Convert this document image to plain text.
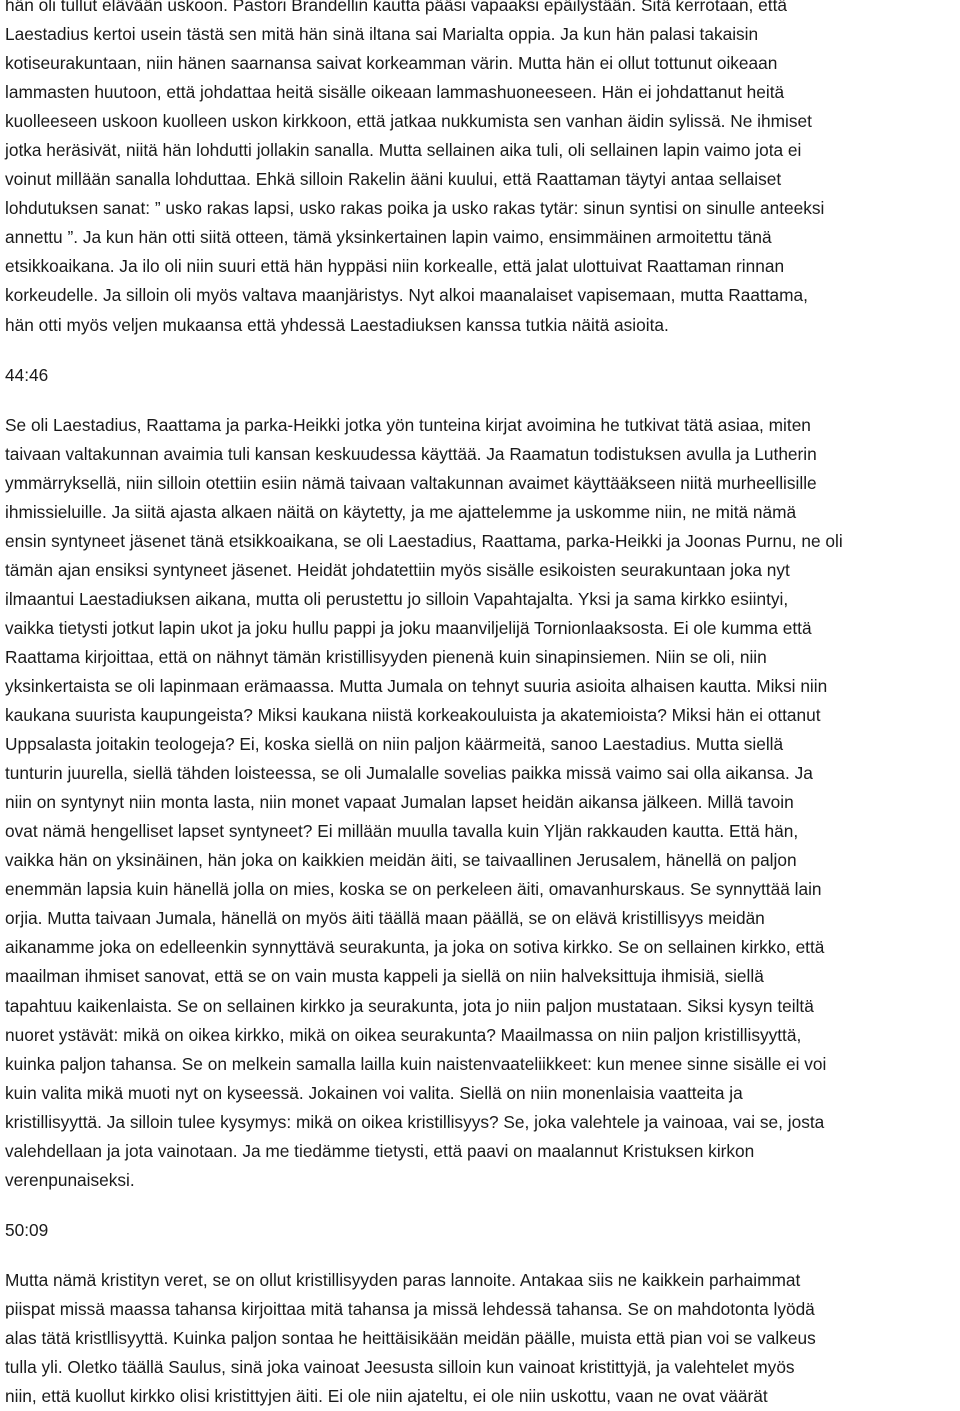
hän oli tullut elävään uskoon. Pastori Brandellin kautta pääsi vapaaksi epäilystään. Sitä kerrotaan, että
Laestadius kertoi usein tästä sen mitä hän sinä iltana sai Marialta oppia. Ja kun hän palasi takaisin
kotiseurakuntaan, niin hänen saarnansa saivat korkeamman värin. Mutta hän ei ollut tottunut oikeaan
lammasten huutoon, että johdattaa heitä sisälle oikeaan lammashuoneeseen. Hän ei johdattanut heitä
kuolleeseen uskoon kuolleen uskon kirkkoon, että jatkaa nukkumista sen vanhan äidin sylissä. Ne ihmiset
jotka heräsivät, niitä hän lohdutti jollakin sanalla. Mutta sellainen aika tuli, oli sellainen lapin vaimo jota ei
voinut millään sanalla lohduttaa. Ehkä silloin Rakelin ääni kuului, että Raattaman täytyi antaa sellaiset
lohdutuksen sanat: ” usko rakas lapsi, usko rakas poika ja usko rakas tytär: sinun syntisi on sinulle anteeksi
annettu ”. Ja kun hän otti siitä otteen, tämä yksinkertainen lapin vaimo, ensimmäinen armoitettu tänä
etsikkoaikana. Ja ilo oli niin suuri että hän hyppäsi niin korkealle, että jalat ulottuivat Raattaman rinnan
korkeudelle. Ja silloin oli myös valtava maanjäristys. Nyt alkoi maanalaiset vapisemaan, mutta Raattama,
hän otti myös veljen mukaansa että yhdessä Laestadiuksen kanssa tutkia näitä asioita.
44:46
Se oli Laestadius, Raattama ja parka-Heikki jotka yön tunteina kirjat avoimina he tutkivat tätä asiaa, miten
taivaan valtakunnan avaimia tuli kansan keskuudessa käyttää. Ja Raamatun todistuksen avulla ja Lutherin
ymmärryksellä, niin silloin otettiin esiin nämä taivaan valtakunnan avaimet käyttääkseen niitä murheellisille
ihmissieluille. Ja siitä ajasta alkaen näitä on käytetty, ja me ajattelemme ja uskomme niin, ne mitä nämä
ensin syntyneet jäsenet tänä etsikkoaikana, se oli Laestadius, Raattama, parka-Heikki ja Joonas Purnu, ne oli
tämän ajan ensiksi syntyneet jäsenet. Heidät johdatettiin myös sisälle esikoisten seurakuntaan joka nyt
ilmaantui Laestadiuksen aikana, mutta oli perustettu jo silloin Vapahtajalta. Yksi ja sama kirkko esiintyi,
vaikka tietysti jotkut lapin ukot ja joku hullu pappi ja joku maanviljelijä Tornionlaaksosta. Ei ole kumma että
Raattama kirjoittaa, että on nähnyt tämän kristillisyyden pienenä kuin sinapinsiemen. Niin se oli, niin
yksinkertaista se oli lapinmaan erämaassa. Mutta Jumala on tehnyt suuria asioita alhaisen kautta. Miksi niin
kaukana suurista kaupungeista? Miksi kaukana niistä korkeakouluista ja akatemioista? Miksi hän ei ottanut
Uppsalasta joitakin teologeja? Ei, koska siellä on niin paljon käärmeitä, sanoo Laestadius. Mutta siellä
tunturin juurella, siellä tähden loisteessa, se oli Jumalalle sovelias paikka missä vaimo sai olla aikansa. Ja
niin on syntynyt niin monta lasta, niin monet vapaat Jumalan lapset heidän aikansa jälkeen. Millä tavoin
ovat nämä hengelliset lapset syntyneet? Ei millään muulla tavalla kuin Yljän rakkauden kautta. Että hän,
vaikka hän on yksinäinen, hän joka on kaikkien meidän äiti, se taivaallinen Jerusalem, hänellä on paljon
enemmän lapsia kuin hänellä jolla on mies, koska se on perkeleen äiti, omavanhurskaus. Se synnyttää lain
orjia. Mutta taivaan Jumala, hänellä on myös äiti täällä maan päällä, se on elävä kristillisyys meidän
aikanamme joka on edelleenkin synnyttävä seurakunta, ja joka on sotiva kirkko. Se on sellainen kirkko, että
maailman ihmiset sanovat, että se on vain musta kappeli ja siellä on niin halveksittuja ihmisiä, siellä
tapahtuu kaikenlaista. Se on sellainen kirkko ja seurakunta, jota jo niin paljon mustataan. Siksi kysyn teiltä
nuoret ystävät: mikä on oikea kirkko, mikä on oikea seurakunta? Maailmassa on niin paljon kristillisyyttä,
kuinka paljon tahansa. Se on melkein samalla lailla kuin naistenvaateliikkeet: kun menee sinne sisälle ei voi
kuin valita mikä muoti nyt on kyseessä. Jokainen voi valita. Siellä on niin monenlaisia vaatteita ja
kristillisyyttä. Ja silloin tulee kysymys: mikä on oikea kristillisyys? Se, joka valehtele ja vainoaa, vai se, josta
valehdellaan ja jota vainotaan. Ja me tiedämme tietysti, että paavi on maalannut Kristuksen kirkon
verenpunaiseksi.
50:09
Mutta nämä kristityn veret, se on ollut kristillisyyden paras lannoite. Antakaa siis ne kaikkein parhaimmat
piispat missä maassa tahansa kirjoittaa mitä tahansa ja missä lehdessä tahansa. Se on mahdotonta lyödä
alas tätä kristllisyyttä. Kuinka paljon sontaa he heittäisikään meidän päälle, muista että pian voi se valkeus
tulla yli. Oletko täällä Saulus, sinä joka vainoat Jeesusta silloin kun vainoat kristittyjä, ja valehtelet myös
niin, että kuollut kirkko olisi kristittyjen äiti. Ei ole niin ajateltu, ei ole niin uskottu, vaan ne ovat väärät
